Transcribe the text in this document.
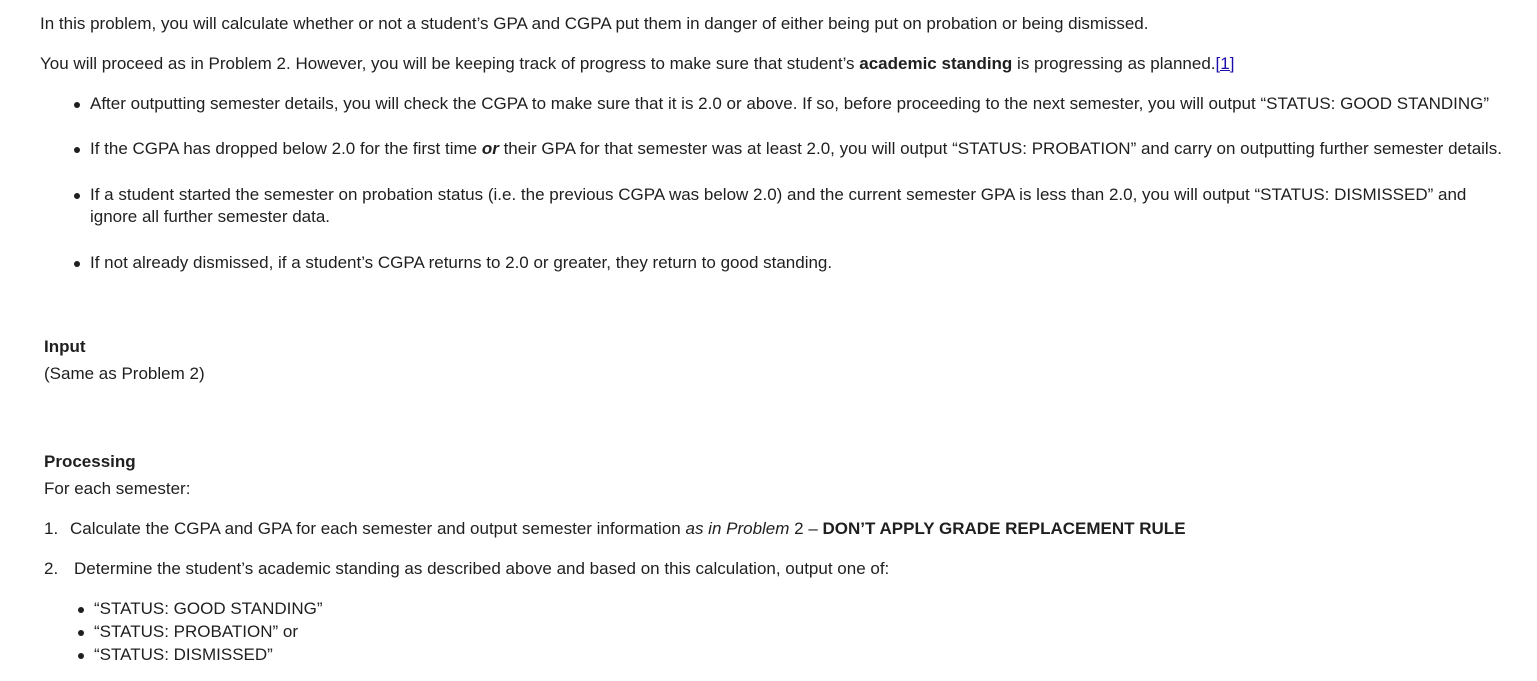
In this problem, you will calculate whether or not a student’s GPA and CGPA put them in danger of either being put on probation or being dismissed.
You will proceed as in Problem 2. However, you will be keeping track of progress to make sure that student’s academic standing is progressing as planned.[1]
After outputting semester details, you will check the CGPA to make sure that it is 2.0 or above. If so, before proceeding to the next semester, you will output “STATUS: GOOD STANDING”
If the CGPA has dropped below 2.0 for the first time or their GPA for that semester was at least 2.0, you will output “STATUS: PROBATION” and carry on outputting further semester details.
If a student started the semester on probation status (i.e. the previous CGPA was below 2.0) and the current semester GPA is less than 2.0, you will output “STATUS: DISMISSED” and ignore all further semester data.
If not already dismissed, if a student’s CGPA returns to 2.0 or greater, they return to good standing.
Input
(Same as Problem 2)
Processing
For each semester:
1. Calculate the CGPA and GPA for each semester and output semester information as in Problem 2 – DON’T APPLY GRADE REPLACEMENT RULE
2. Determine the student’s academic standing as described above and based on this calculation, output one of:
“STATUS: GOOD STANDING”
“STATUS: PROBATION” or
“STATUS: DISMISSED”
